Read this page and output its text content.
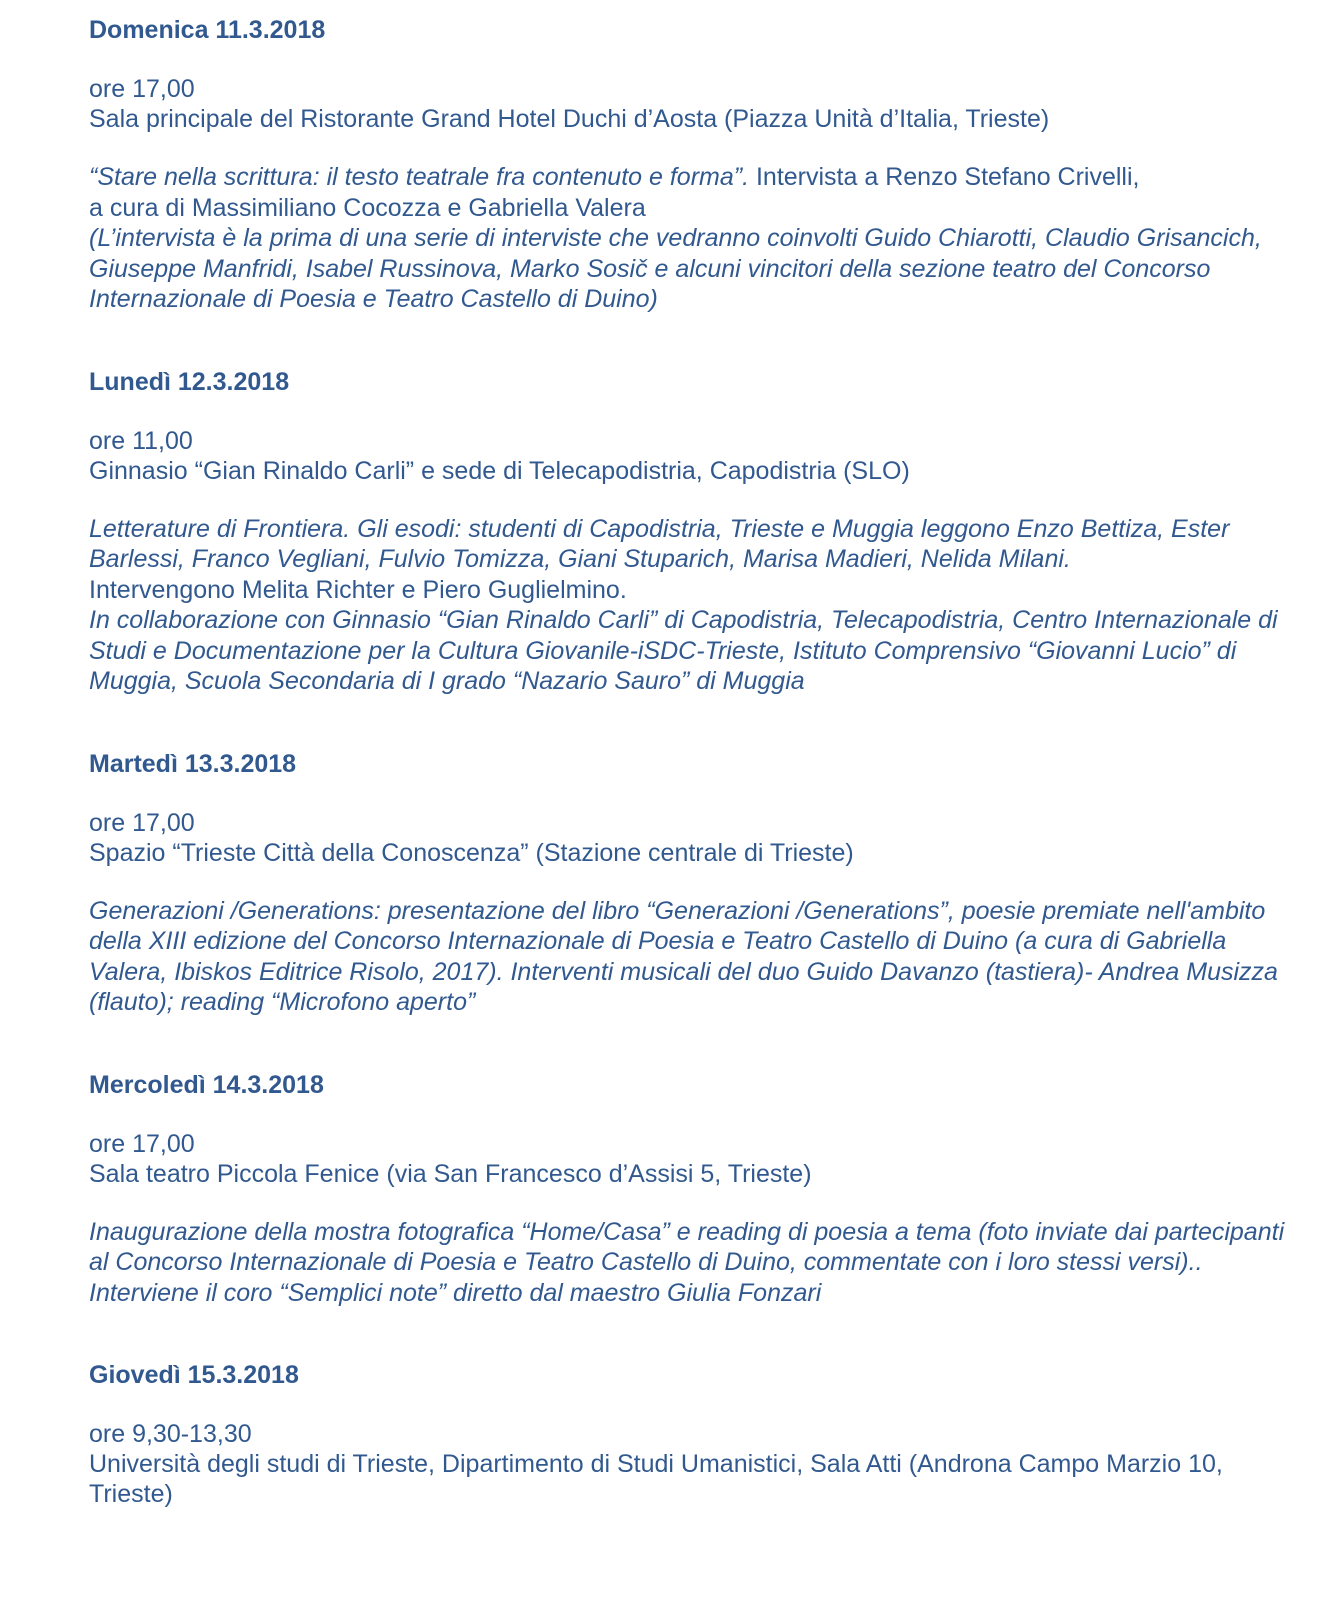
Domenica 11.3.2018
ore 17,00
Sala principale del Ristorante Grand Hotel Duchi d’Aosta (Piazza Unità d’Italia, Trieste)

“Stare nella scrittura: il testo teatrale fra contenuto e forma”. Intervista a Renzo Stefano Crivelli,

a cura di Massimiliano Cocozza e Gabriella Valera

(L’intervista è la prima di una serie di interviste che vedranno coinvolti Guido Chiarotti, Claudio Grisancich, Giuseppe Manfridi, Isabel Russinova, Marko Sosič e alcuni vincitori della sezione teatro del Concorso Internazionale di Poesia e Teatro Castello di Duino)

Lunedì 12.3.2018
ore 11,00
Ginnasio “Gian Rinaldo Carli” e sede di Telecapodistria, Capodistria (SLO)

Letterature di Frontiera. Gli esodi: studenti di Capodistria, Trieste e Muggia leggono Enzo Bettiza, Ester Barlessi, Franco Vegliani, Fulvio Tomizza, Giani Stuparich, Marisa Madieri, Nelida Milani.

Intervengono Melita Richter e Piero Guglielmino.

In collaborazione con Ginnasio “Gian Rinaldo Carli” di Capodistria, Telecapodistria, Centro Internazionale di Studi e Documentazione per la Cultura Giovanile-iSDC-Trieste, Istituto Comprensivo “Giovanni Lucio” di Muggia, Scuola Secondaria di I grado “Nazario Sauro” di Muggia

Martedì 13.3.2018
ore 17,00
Spazio “Trieste Città della Conoscenza” (Stazione centrale di Trieste)

Generazioni /Generations: presentazione del libro “Generazioni /Generations”, poesie premiate nell'ambito della XIII edizione del Concorso Internazionale di Poesia e Teatro Castello di Duino (a cura di Gabriella Valera, Ibiskos Editrice Risolo, 2017). Interventi musicali del duo Guido Davanzo (tastiera)- Andrea Musizza (flauto); reading “Microfono aperto”

Mercoledì 14.3.2018
ore 17,00
Sala teatro Piccola Fenice (via San Francesco d’Assisi 5, Trieste)

Inaugurazione della mostra fotografica “Home/Casa” e reading di poesia a tema (foto inviate dai partecipanti al Concorso Internazionale di Poesia e Teatro Castello di Duino, commentate con i loro stessi versi).. Interviene il coro “Semplici note” diretto dal maestro Giulia Fonzari

Giovedì 15.3.2018
ore 9,30-13,30
Università degli studi di Trieste, Dipartimento di Studi Umanistici, Sala Atti (Androna Campo Marzio 10, Trieste)
